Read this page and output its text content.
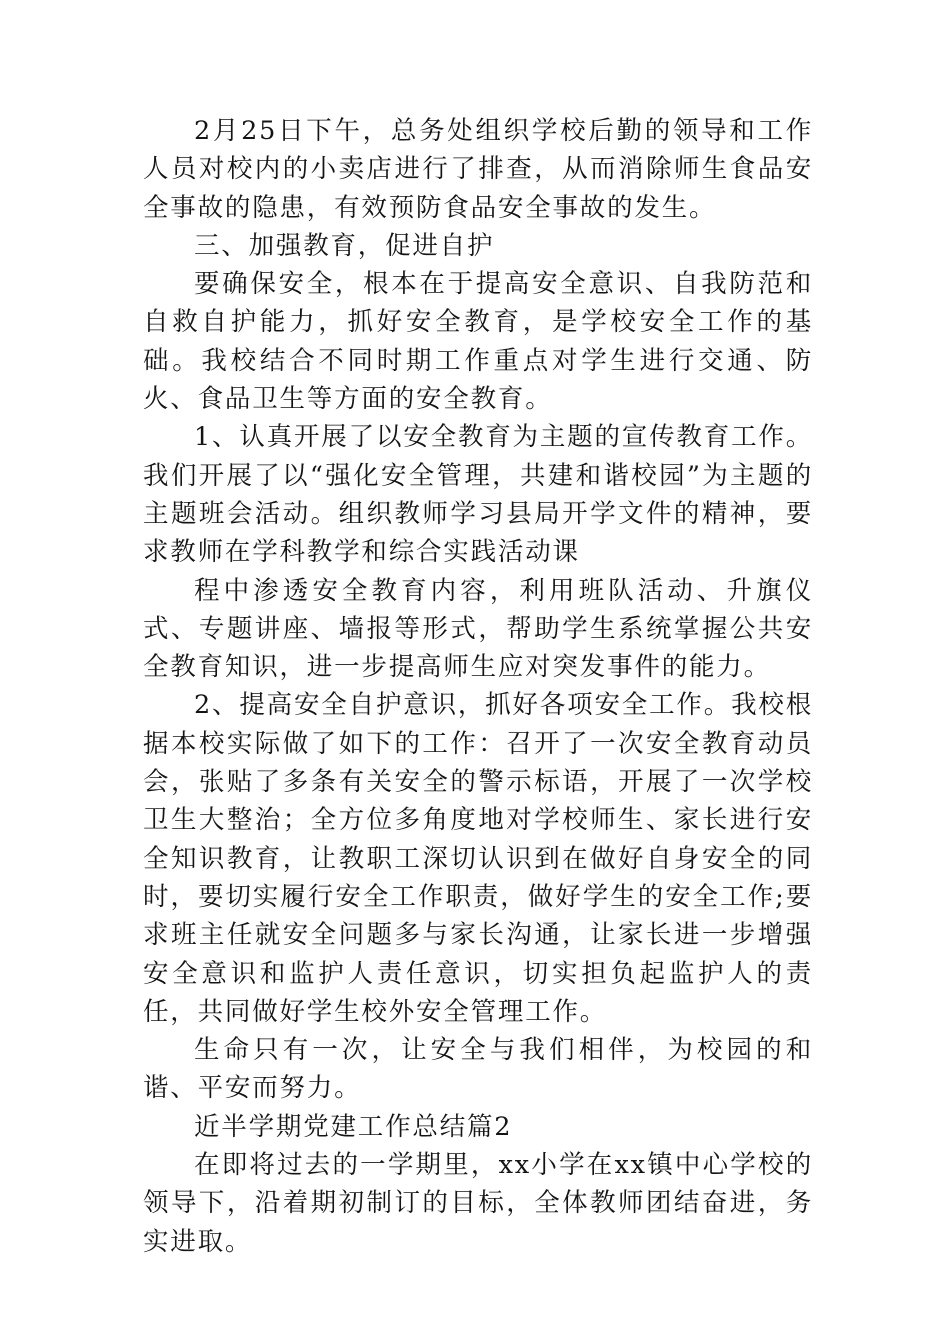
2月25日下午，总务处组织学校后勤的领导和工作人员对校内的小卖店进行了排查，从而消除师生食品安全事故的隐患，有效预防食品安全事故的发生。

三、加强教育，促进自护

要确保安全，根本在于提高安全意识、自我防范和自救自护能力，抓好安全教育，是学校安全工作的基础。我校结合不同时期工作重点对学生进行交通、防火、食品卫生等方面的安全教育。

1、认真开展了以安全教育为主题的宣传教育工作。我们开展了以“强化安全管理，共建和谐校园”为主题的主题班会活动。组织教师学习县局开学文件的精神，要求教师在学科教学和综合实践活动课

程中渗透安全教育内容，利用班队活动、升旗仪式、专题讲座、墙报等形式，帮助学生系统掌握公共安全教育知识，进一步提高师生应对突发事件的能力。

2、提高安全自护意识，抓好各项安全工作。我校根据本校实际做了如下的工作：召开了一次安全教育动员会，张贴了多条有关安全的警示标语，开展了一次学校卫生大整治；全方位多角度地对学校师生、家长进行安全知识教育，让教职工深切认识到在做好自身安全的同时，要切实履行安全工作职责，做好学生的安全工作;要求班主任就安全问题多与家长沟通，让家长进一步增强安全意识和监护人责任意识，切实担负起监护人的责任，共同做好学生校外安全管理工作。

生命只有一次，让安全与我们相伴，为校园的和谐、平安而努力。

近半学期党建工作总结篇2

在即将过去的一学期里，xx小学在xx镇中心学校的领导下，沿着期初制订的目标，全体教师团结奋进，务实进取。
